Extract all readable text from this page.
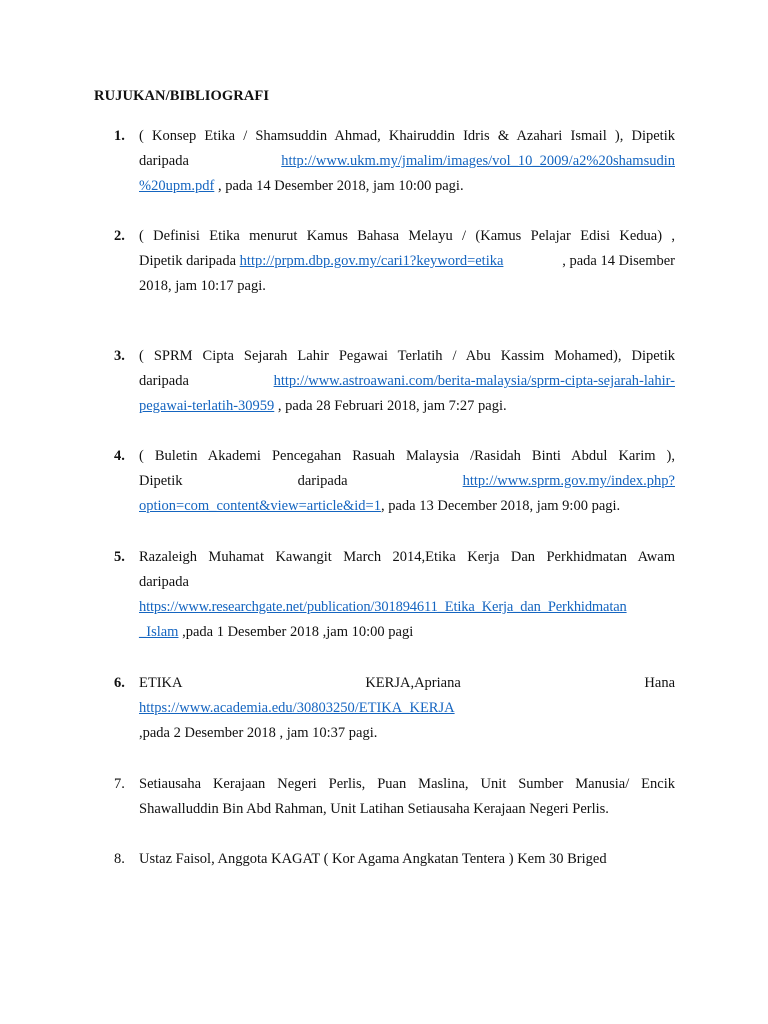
RUJUKAN/BIBLIOGRAFI
1. ( Konsep Etika / Shamsuddin Ahmad, Khairuddin Idris & Azahari Ismail ), Dipetik
daripada	http://www.ukm.my/jmalim/images/vol_10_2009/a2%20shamsudin
%20upm.pdf , pada 14 Desember 2018, jam 10:00 pagi.
2. ( Definisi Etika menurut Kamus Bahasa Melayu / (Kamus Pelajar Edisi Kedua) ,
Dipetik daripada http://prpm.dbp.gov.my/cari1?keyword=etika	, pada 14 Disember
2018, jam 10:17 pagi.
3. ( SPRM Cipta Sejarah Lahir Pegawai Terlatih / Abu Kassim Mohamed), Dipetik
daripada	http://www.astroawani.com/berita-malaysia/sprm-cipta-sejarah-lahir-
pegawai-terlatih-30959 , pada 28 Februari 2018, jam 7:27 pagi.
4. ( Buletin Akademi Pencegahan Rasuah Malaysia /Rasidah Binti Abdul Karim ),
Dipetik	daripada	http://www.sprm.gov.my/index.php?
option=com_content&view=article&id=1, pada 13 December 2018, jam 9:00 pagi.
5. Razaleigh Muhamat Kawangit March 2014,Etika Kerja Dan Perkhidmatan Awam
daripada
https://www.researchgate.net/publication/301894611_Etika_Kerja_dan_Perkhidmatan
_Islam ,pada 1 Desember 2018 ,jam 10:00 pagi
6. ETIKA	KERJA,Apriana	Hana
https://www.academia.edu/30803250/ETIKA_KERJA
,pada 2 Desember 2018 , jam 10:37 pagi.
7. Setiausaha Kerajaan Negeri Perlis, Puan Maslina, Unit Sumber Manusia/ Encik
Shawalluddin Bin Abd Rahman, Unit Latihan Setiausaha Kerajaan Negeri Perlis.
8. Ustaz Faisol, Anggota KAGAT ( Kor Agama Angkatan Tentera ) Kem 30 Briged
